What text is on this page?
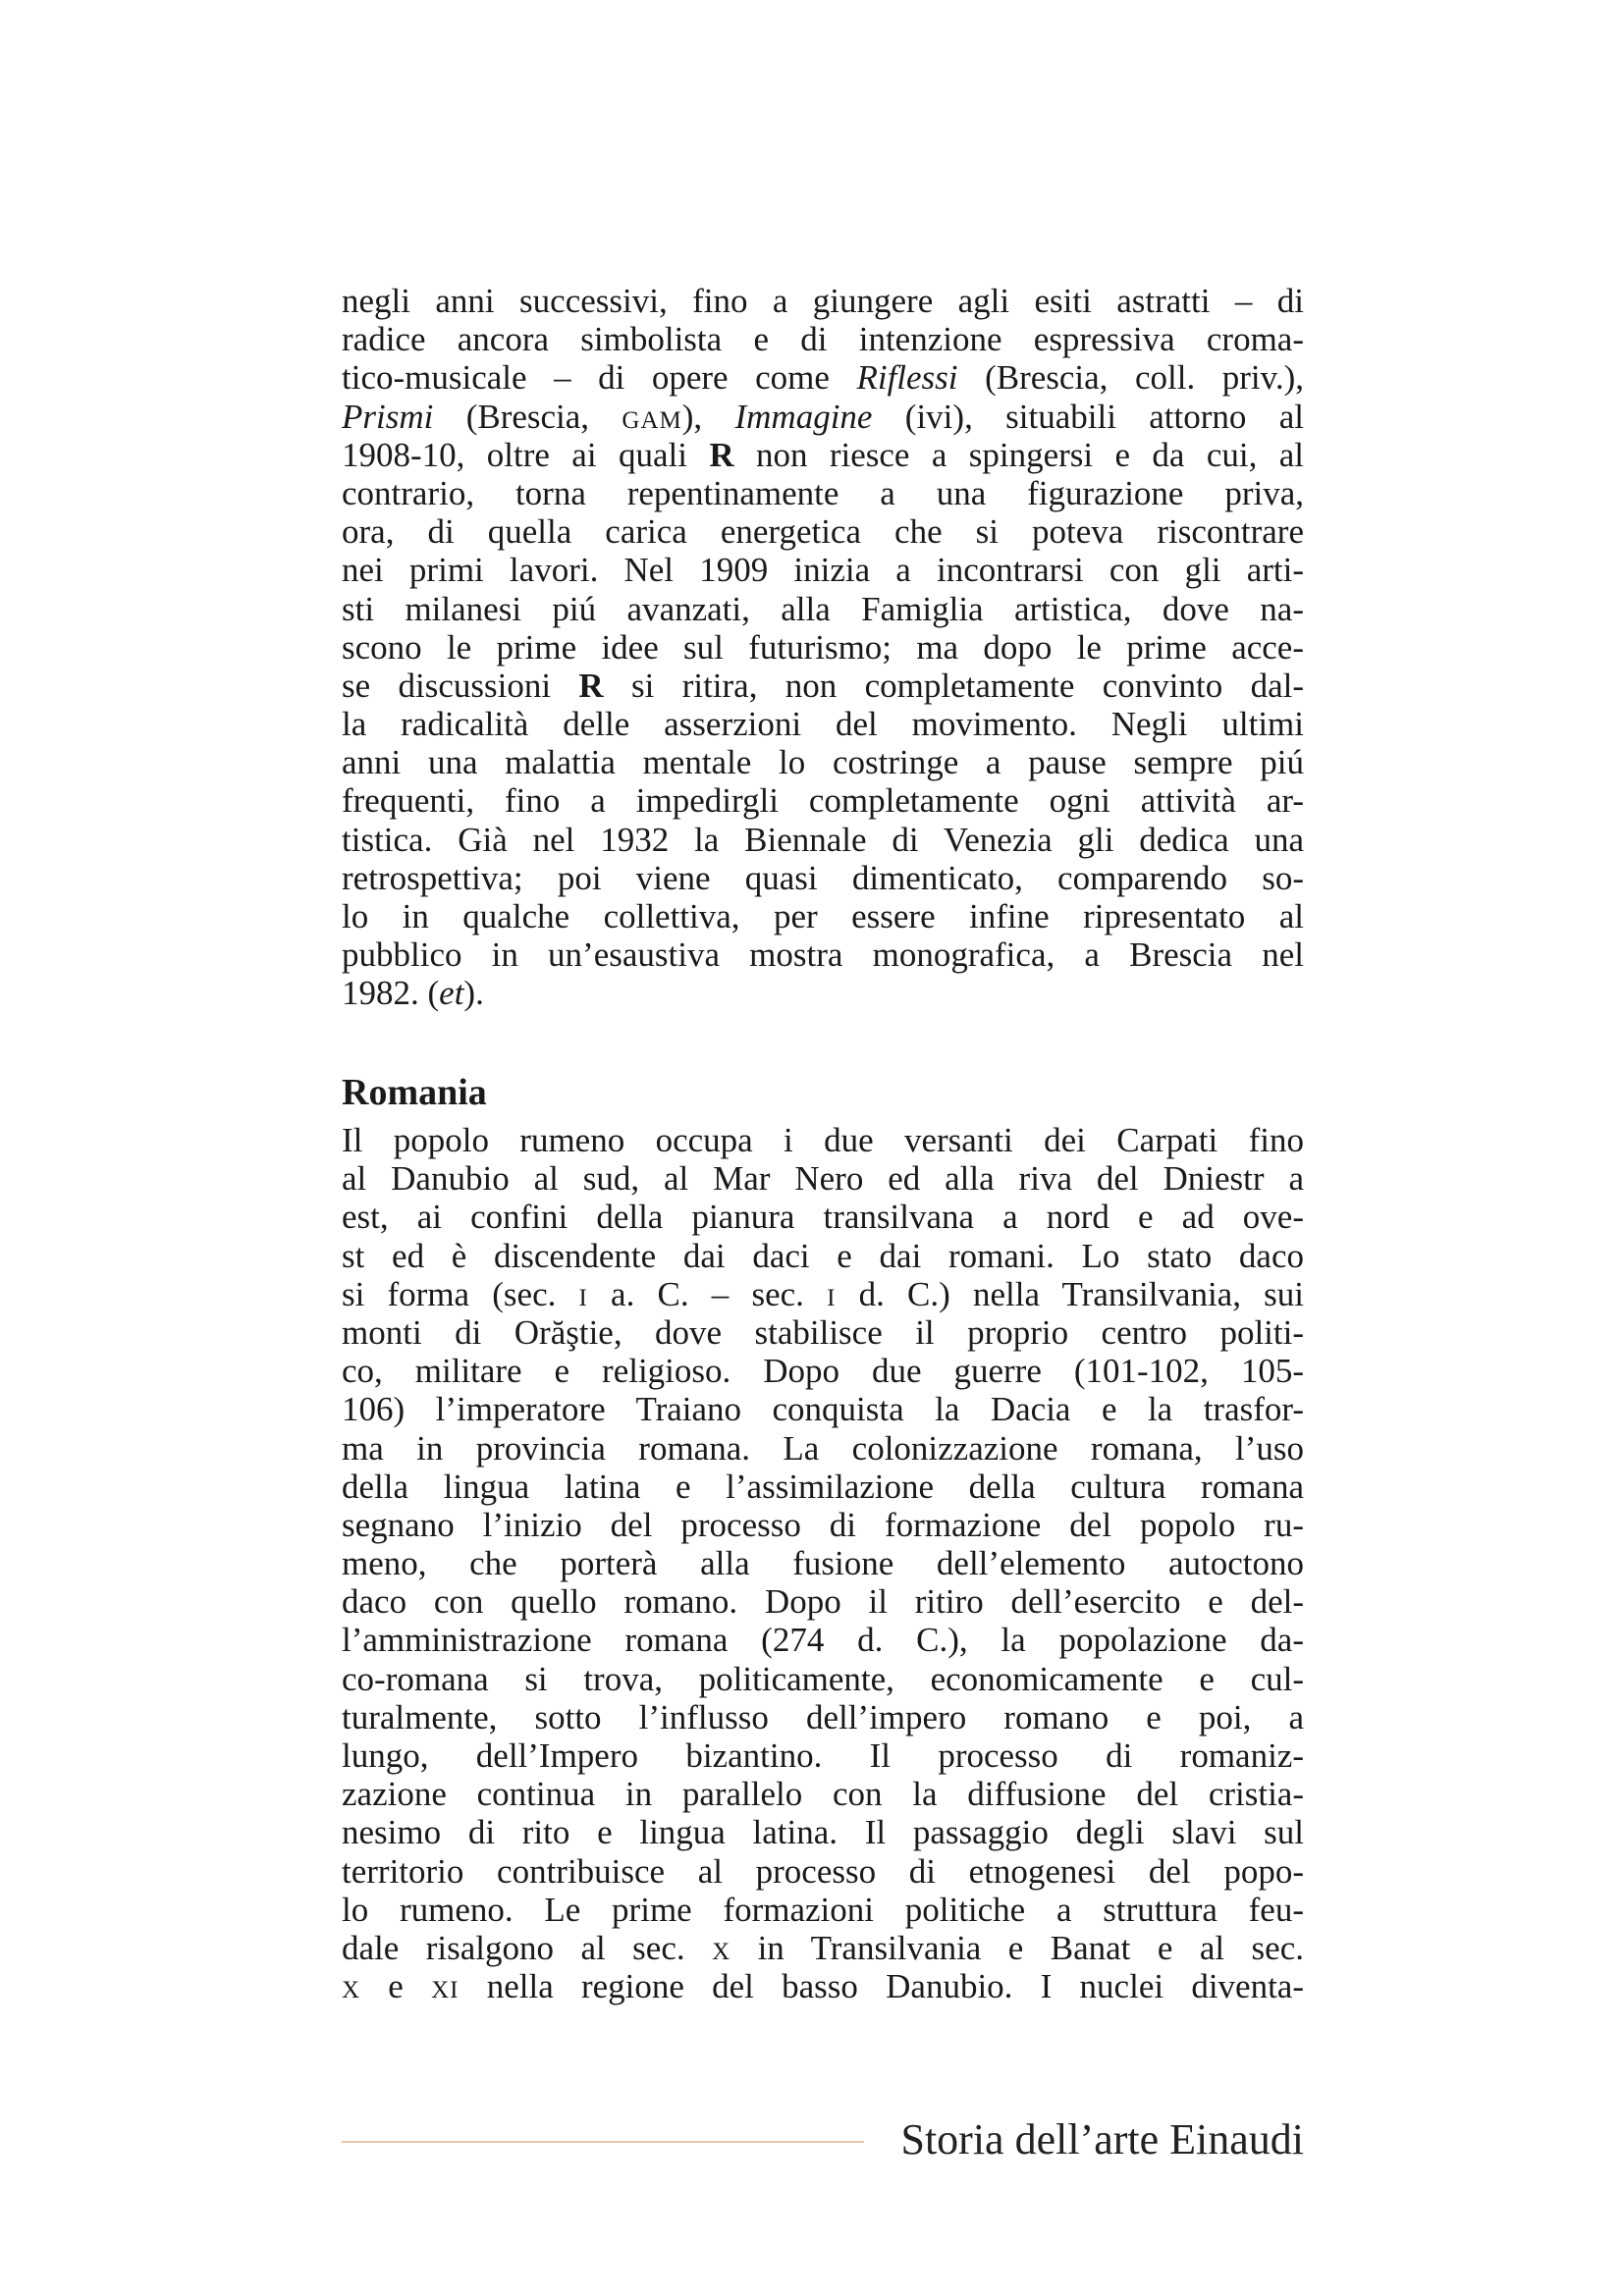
negli anni successivi, fino a giungere agli esiti astratti – di
radice ancora simbolista e di intenzione espressiva croma-
tico-musicale – di opere come Riflessi (Brescia, coll. priv.),
Prismi (Brescia, gam), Immagine (ivi), situabili attorno al
1908-10, oltre ai quali R non riesce a spingersi e da cui, al
contrario, torna repentinamente a una figurazione priva,
ora, di quella carica energetica che si poteva riscontrare
nei primi lavori. Nel 1909 inizia a incontrarsi con gli arti-
sti milanesi piú avanzati, alla Famiglia artistica, dove na-
scono le prime idee sul futurismo; ma dopo le prime acce-
se discussioni R si ritira, non completamente convinto dal-
la radicalità delle asserzioni del movimento. Negli ultimi
anni una malattia mentale lo costringe a pause sempre piú
frequenti, fino a impedirgli completamente ogni attività ar-
tistica. Già nel 1932 la Biennale di Venezia gli dedica una
retrospettiva; poi viene quasi dimenticato, comparendo so-
lo in qualche collettiva, per essere infine ripresentato al
pubblico in un’esaustiva mostra monografica, a Brescia nel
1982. (et).
Romania
Il popolo rumeno occupa i due versanti dei Carpati fino
al Danubio al sud, al Mar Nero ed alla riva del Dniestr a
est, ai confini della pianura transilvana a nord e ad ove-
st ed è discendente dai daci e dai romani. Lo stato daco
si forma (sec. i a. C. – sec. i d. C.) nella Transilvania, sui
monti di Orăştie, dove stabilisce il proprio centro politi-
co, militare e religioso. Dopo due guerre (101-102, 105-
106) l’imperatore Traiano conquista la Dacia e la trasfor-
ma in provincia romana. La colonizzazione romana, l’uso
della lingua latina e l’assimilazione della cultura romana
segnano l’inizio del processo di formazione del popolo ru-
meno, che porterà alla fusione dell’elemento autoctono
daco con quello romano. Dopo il ritiro dell’esercito e del-
l’amministrazione romana (274 d. C.), la popolazione da-
co-romana si trova, politicamente, economicamente e cul-
turalmente, sotto l’influsso dell’impero romano e poi, a
lungo, dell’Impero bizantino. Il processo di romaniz-
zazione continua in parallelo con la diffusione del cristia-
nesimo di rito e lingua latina. Il passaggio degli slavi sul
territorio contribuisce al processo di etnogenesi del popo-
lo rumeno. Le prime formazioni politiche a struttura feu-
dale risalgono al sec. x in Transilvania e Banat e al sec.
x e xi nella regione del basso Danubio. I nuclei diventa-
Storia dell’arte Einaudi
